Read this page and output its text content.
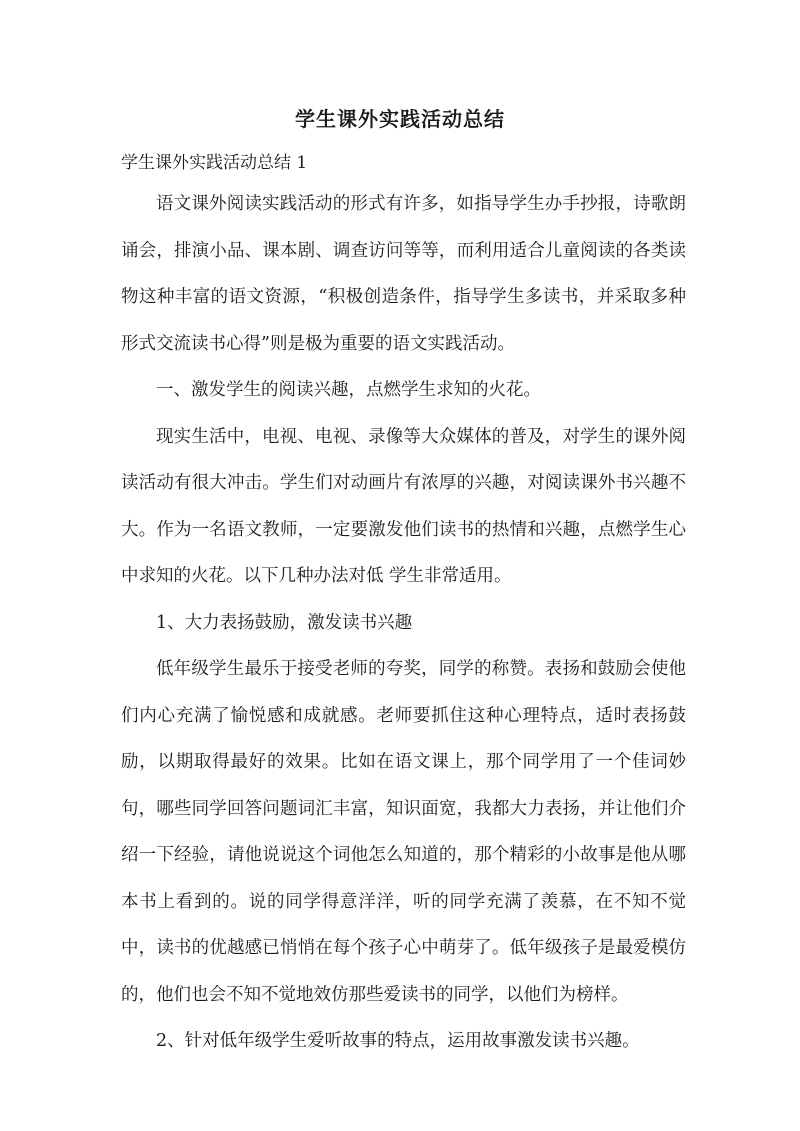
学生课外实践活动总结

学生课外实践活动总结 1

语文课外阅读实践活动的形式有许多，如指导学生办手抄报，诗歌朗诵会，排演小品、课本剧、调查访问等等，而利用适合儿童阅读的各类读物这种丰富的语文资源，“积极创造条件，指导学生多读书，并采取多种形式交流读书心得”则是极为重要的语文实践活动。

一、激发学生的阅读兴趣，点燃学生求知的火花。

现实生活中，电视、电视、录像等大众媒体的普及，对学生的课外阅读活动有很大冲击。学生们对动画片有浓厚的兴趣，对阅读课外书兴趣不大。作为一名语文教师，一定要激发他们读书的热情和兴趣，点燃学生心中求知的火花。以下几种办法对低 学生非常适用。

1、大力表扬鼓励，激发读书兴趣

低年级学生最乐于接受老师的夸奖，同学的称赞。表扬和鼓励会使他们内心充满了愉悦感和成就感。老师要抓住这种心理特点，适时表扬鼓励，以期取得最好的效果。比如在语文课上，那个同学用了一个佳词妙句，哪些同学回答问题词汇丰富，知识面宽，我都大力表扬，并让他们介绍一下经验，请他说说这个词他怎么知道的，那个精彩的小故事是他从哪本书上看到的。说的同学得意洋洋，听的同学充满了羡慕，在不知不觉中，读书的优越感已悄悄在每个孩子心中萌芽了。低年级孩子是最爱模仿的，他们也会不知不觉地效仿那些爱读书的同学，以他们为榜样。

2、针对低年级学生爱听故事的特点，运用故事激发读书兴趣。
